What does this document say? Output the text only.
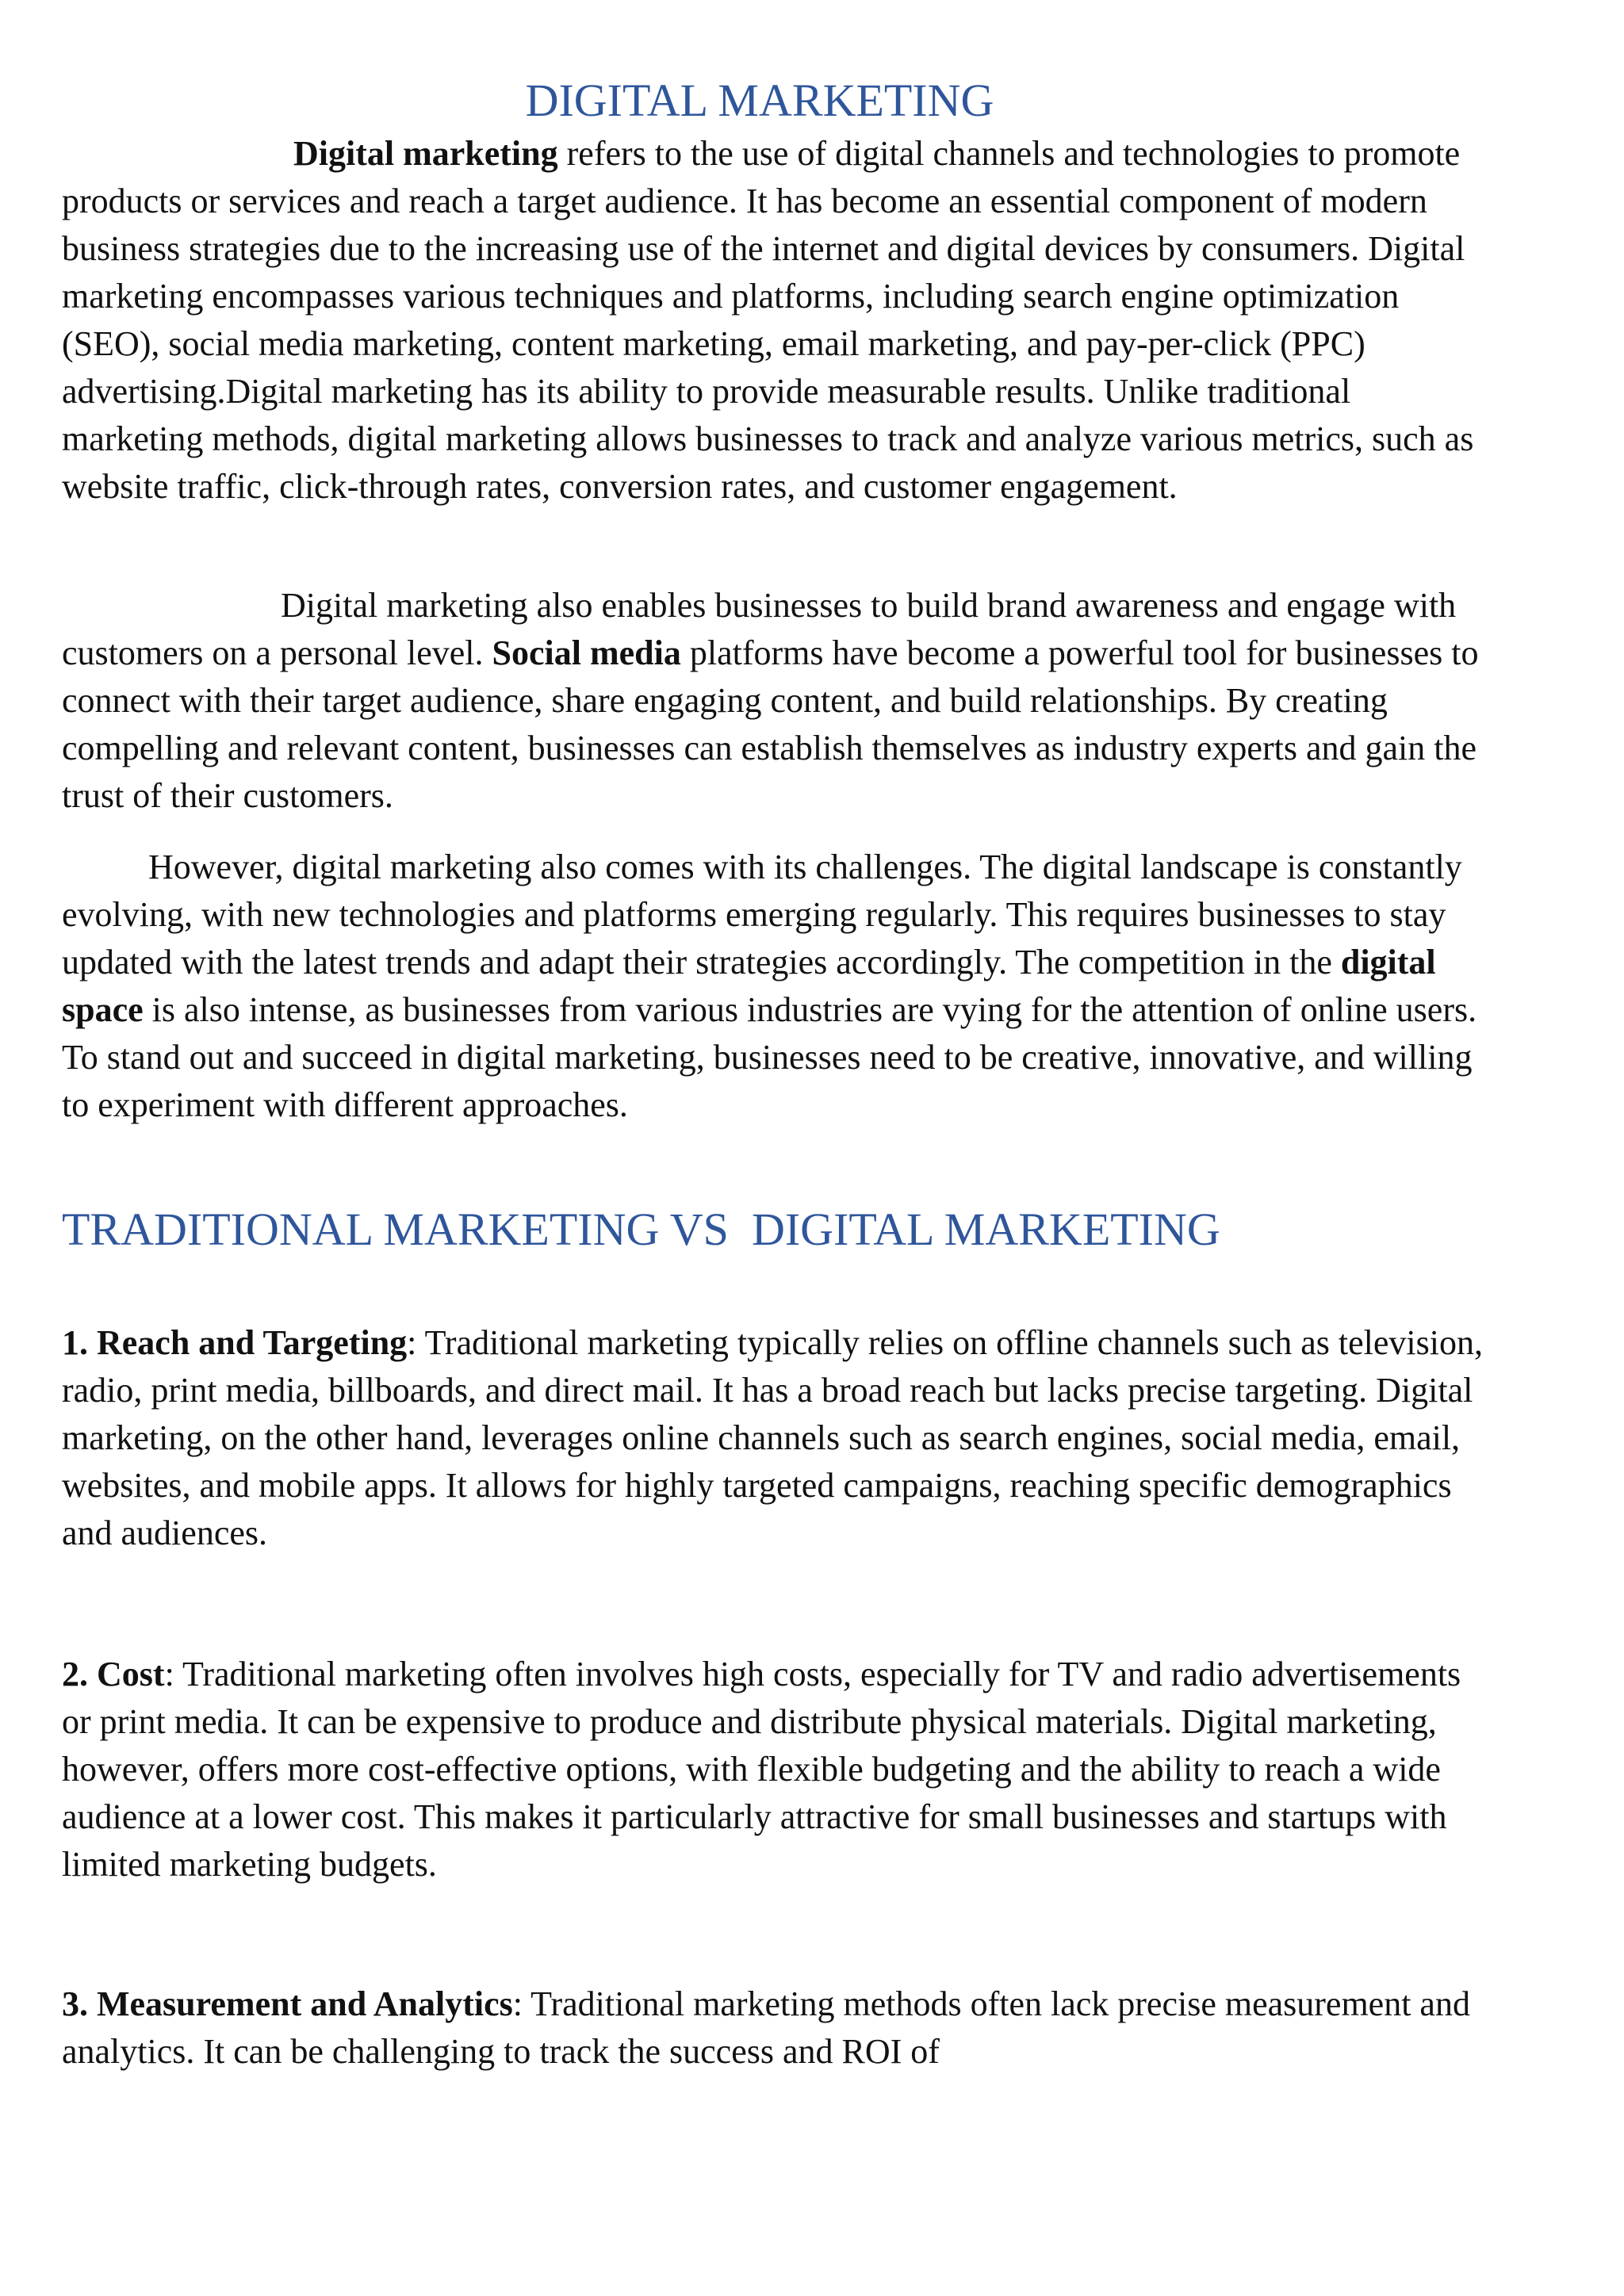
DIGITAL MARKETING

Digital marketing refers to the use of digital channels and technologies to promote products or services and reach a target audience. It has become an essential component of modern business strategies due to the increasing use of the internet and digital devices by consumers. Digital marketing encompasses various techniques and platforms, including search engine optimization (SEO), social media marketing, content marketing, email marketing, and pay-per-click (PPC) advertising.Digital marketing has its ability to provide measurable results. Unlike traditional marketing methods, digital marketing allows businesses to track and analyze various metrics, such as website traffic, click-through rates, conversion rates, and customer engagement.

Digital marketing also enables businesses to build brand awareness and engage with customers on a personal level. Social media platforms have become a powerful tool for businesses to connect with their target audience, share engaging content, and build relationships. By creating compelling and relevant content, businesses can establish themselves as industry experts and gain the trust of their customers.

However, digital marketing also comes with its challenges. The digital landscape is constantly evolving, with new technologies and platforms emerging regularly. This requires businesses to stay updated with the latest trends and adapt their strategies accordingly. The competition in the digital space is also intense, as businesses from various industries are vying for the attention of online users. To stand out and succeed in digital marketing, businesses need to be creative, innovative, and willing to experiment with different approaches.

TRADITIONAL MARKETING VS  DIGITAL MARKETING

1. Reach and Targeting: Traditional marketing typically relies on offline channels such as television, radio, print media, billboards, and direct mail. It has a broad reach but lacks precise targeting. Digital marketing, on the other hand, leverages online channels such as search engines, social media, email, websites, and mobile apps. It allows for highly targeted campaigns, reaching specific demographics and audiences.

2. Cost: Traditional marketing often involves high costs, especially for TV and radio advertisements or print media. It can be expensive to produce and distribute physical materials. Digital marketing, however, offers more cost-effective options, with flexible budgeting and the ability to reach a wide audience at a lower cost. This makes it particularly attractive for small businesses and startups with limited marketing budgets.

3. Measurement and Analytics: Traditional marketing methods often lack precise measurement and analytics. It can be challenging to track the success and ROI of
